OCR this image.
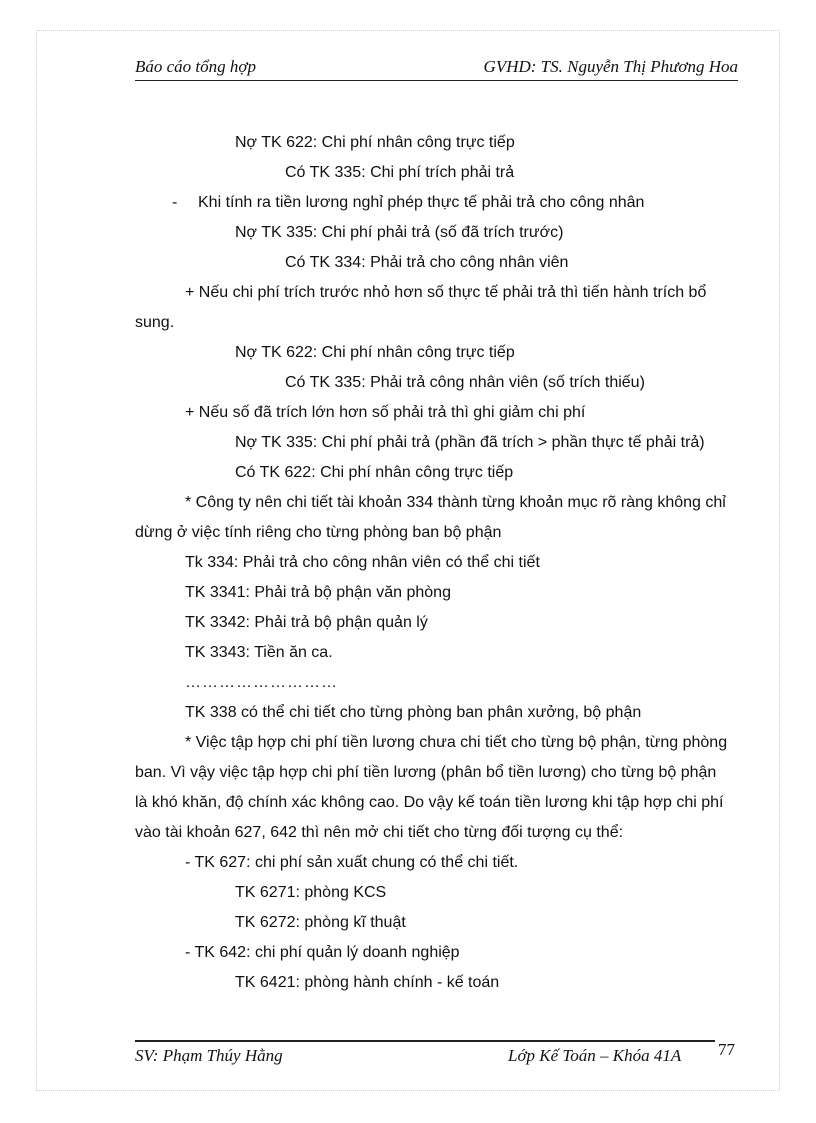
Báo cáo tổng hợp	GVHD: TS. Nguyễn Thị Phương Hoa
Nợ TK 622: Chi phí nhân công trực tiếp
Có TK 335: Chi phí trích phải trả
- Khi tính ra tiền lương nghỉ phép thực tế phải trả cho công nhân
Nợ TK 335: Chi phí phải trả (số đã trích trước)
Có TK 334: Phải trả cho công nhân viên
+ Nếu chi phí trích trước nhỏ hơn số thực tế phải trả thì tiến hành trích bổ
sung.
Nợ TK 622: Chi phí nhân công trực tiếp
Có TK 335: Phải trả công nhân viên (số trích thiếu)
+ Nếu số đã trích lớn hơn số phải trả thì ghi giảm chi phí
Nợ TK 335: Chi phí phải trả (phần đã trích > phần thực tế phải trả)
Có TK 622: Chi phí nhân công trực tiếp
* Công ty nên chi tiết tài khoản 334 thành từng khoản mục rõ ràng không chỉ
dừng ở việc tính riêng cho từng phòng ban bộ phận
Tk 334: Phải trả cho công nhân viên có thể chi tiết
TK 3341: Phải trả bộ phận văn phòng
TK 3342: Phải trả bộ phận quản lý
TK 3343: Tiền ăn ca.
………………………
TK 338 có thể chi tiết cho từng phòng ban phân xưởng, bộ phận
* Việc tập hợp chi phí tiền lương chưa chi tiết cho từng bộ phận, từng phòng
ban. Vì vậy việc tập hợp chi phí tiền lương (phân bổ tiền lương) cho từng bộ phận
là khó khăn, độ chính xác không cao. Do vậy kế toán tiền lương khi tập hợp chi phí
vào tài khoản 627, 642 thì nên mở chi tiết cho từng đối tượng cụ thể:
- TK 627: chi phí sản xuất chung có thể chi tiết.
TK 6271: phòng KCS
TK 6272: phòng kĩ thuật
- TK 642: chi phí quản lý doanh nghiệp
TK 6421: phòng hành chính - kế toán
SV: Phạm Thúy Hằng	Lớp Kế Toán – Khóa 41A 77
